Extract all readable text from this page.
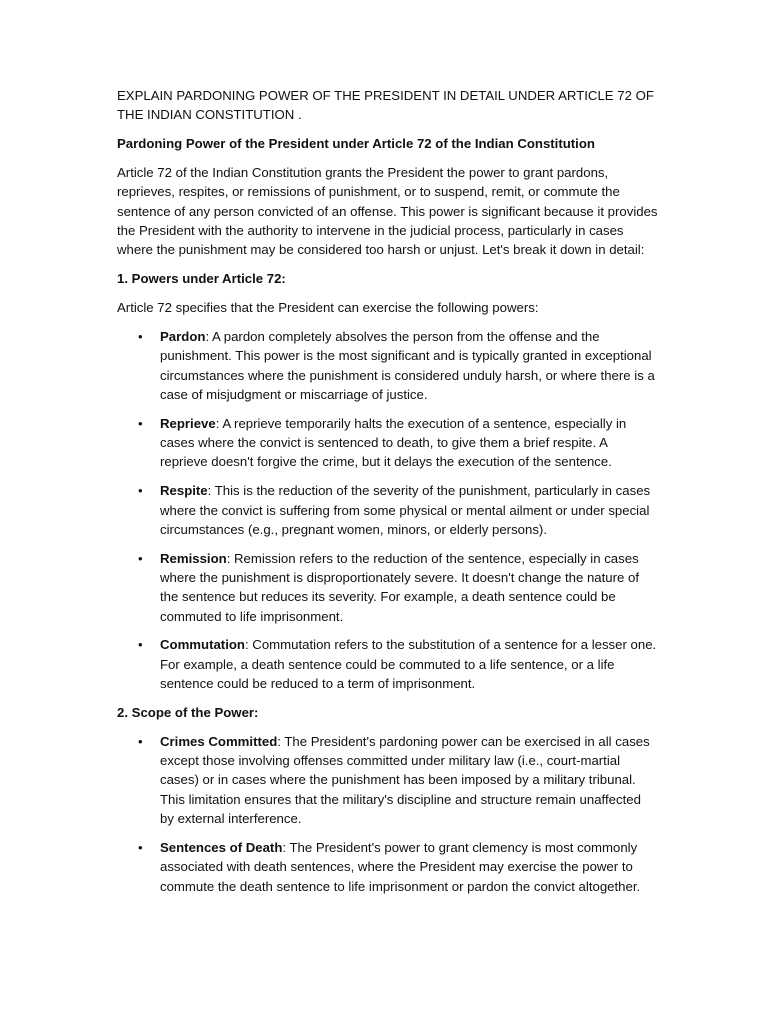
EXPLAIN PARDONING POWER OF THE PRESIDENT IN DETAIL UNDER ARTICLE 72 OF THE INDIAN CONSTITUTION .

Pardoning Power of the President under Article 72 of the Indian Constitution

Article 72 of the Indian Constitution grants the President the power to grant pardons, reprieves, respites, or remissions of punishment, or to suspend, remit, or commute the sentence of any person convicted of an offense. This power is significant because it provides the President with the authority to intervene in the judicial process, particularly in cases where the punishment may be considered too harsh or unjust. Let's break it down in detail:

1. Powers under Article 72:

Article 72 specifies that the President can exercise the following powers:

• Pardon: A pardon completely absolves the person from the offense and the punishment. This power is the most significant and is typically granted in exceptional circumstances where the punishment is considered unduly harsh, or where there is a case of misjudgment or miscarriage of justice.
• Reprieve: A reprieve temporarily halts the execution of a sentence, especially in cases where the convict is sentenced to death, to give them a brief respite. A reprieve doesn't forgive the crime, but it delays the execution of the sentence.
• Respite: This is the reduction of the severity of the punishment, particularly in cases where the convict is suffering from some physical or mental ailment or under special circumstances (e.g., pregnant women, minors, or elderly persons).
• Remission: Remission refers to the reduction of the sentence, especially in cases where the punishment is disproportionately severe. It doesn't change the nature of the sentence but reduces its severity. For example, a death sentence could be commuted to life imprisonment.
• Commutation: Commutation refers to the substitution of a sentence for a lesser one. For example, a death sentence could be commuted to a life sentence, or a life sentence could be reduced to a term of imprisonment.

2. Scope of the Power:

• Crimes Committed: The President's pardoning power can be exercised in all cases except those involving offenses committed under military law (i.e., court-martial cases) or in cases where the punishment has been imposed by a military tribunal. This limitation ensures that the military's discipline and structure remain unaffected by external interference.
• Sentences of Death: The President's power to grant clemency is most commonly associated with death sentences, where the President may exercise the power to commute the death sentence to life imprisonment or pardon the convict altogether.
